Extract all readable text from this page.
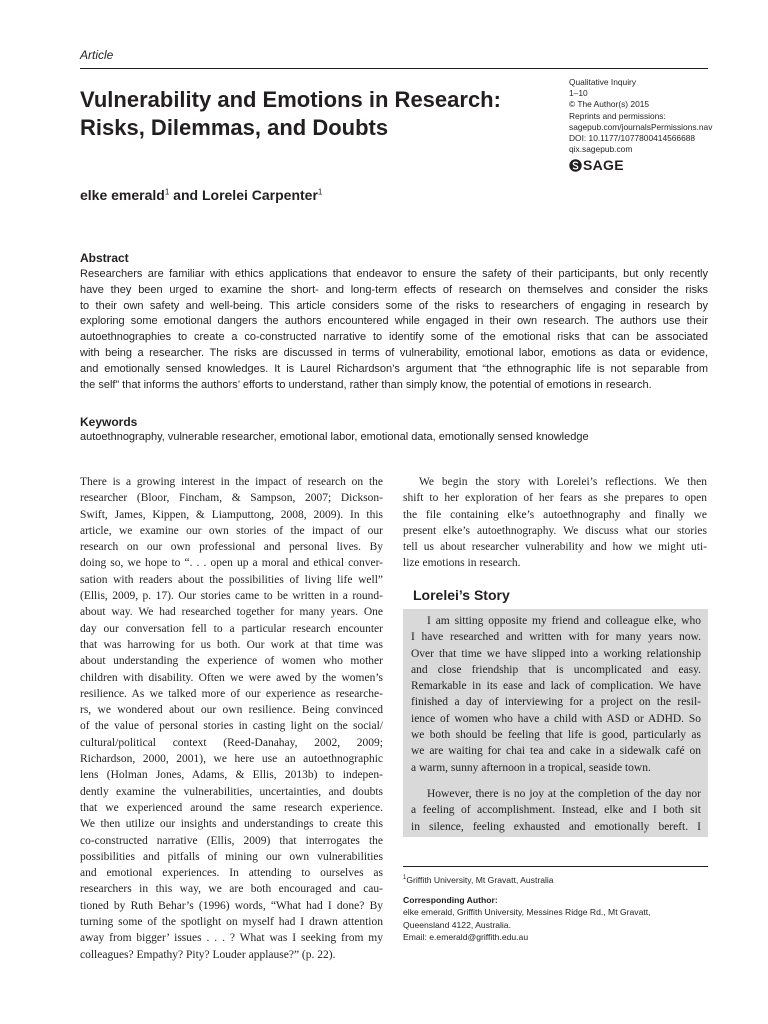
Article
Vulnerability and Emotions in Research:
Risks, Dilemmas, and Doubts
Qualitative Inquiry
1–10
© The Author(s) 2015
Reprints and permissions:
sagepub.com/journalsPermissions.nav
DOI: 10.1177/1077800414566688
qix.sagepub.com
SAGE
elke emerald$^1$ and Lorelei Carpenter$^1$
Abstract
Researchers are familiar with ethics applications that endeavor to ensure the safety of their participants, but only recently
have they been urged to examine the short- and long-term effects of research on themselves and consider the risks
to their own safety and well-being. This article considers some of the risks to researchers of engaging in research by
exploring some emotional dangers the authors encountered while engaged in their own research. The authors use their
autoethnographies to create a co-constructed narrative to identify some of the emotional risks that can be associated
with being a researcher. The risks are discussed in terms of vulnerability, emotional labor, emotions as data or evidence,
and emotionally sensed knowledges. It is Laurel Richardson’s argument that “the ethnographic life is not separable from
the self” that informs the authors’ efforts to understand, rather than simply know, the potential of emotions in research.
Keywords
autoethnography, vulnerable researcher, emotional labor, emotional data, emotionally sensed knowledge
There is a growing interest in the impact of research on the
researcher (Bloor, Fincham, & Sampson, 2007; Dickson-
Swift, James, Kippen, & Liamputtong, 2008, 2009). In this
article, we examine our own stories of the impact of our
research on our own professional and personal lives. By
doing so, we hope to “. . . open up a moral and ethical conver-
sation with readers about the possibilities of living life well”
(Ellis, 2009, p. 17). Our stories came to be written in a round-
about way. We had researched together for many years. One
day our conversation fell to a particular research encounter
that was harrowing for us both. Our work at that time was
about understanding the experience of women who mother
children with disability. Often we were awed by the women’s
resilience. As we talked more of our experience as researche-
rs, we wondered about our own resilience. Being convinced
of the value of personal stories in casting light on the social/
cultural/political context (Reed-Danahay, 2002, 2009;
Richardson, 2000, 2001), we here use an autoethnographic
lens (Holman Jones, Adams, & Ellis, 2013b) to indepen-
dently examine the vulnerabilities, uncertainties, and doubts
that we experienced around the same research experience.
We then utilize our insights and understandings to create this
co-constructed narrative (Ellis, 2009) that interrogates the
possibilities and pitfalls of mining our own vulnerabilities
and emotional experiences. In attending to ourselves as
researchers in this way, we are both encouraged and cau-
tioned by Ruth Behar’s (1996) words, “What had I done? By
turning some of the spotlight on myself had I drawn attention
away from bigger’ issues . . . ? What was I seeking from my
colleagues? Empathy? Pity? Louder applause?” (p. 22).
We begin the story with Lorelei’s reflections. We then
shift to her exploration of her fears as she prepares to open
the file containing elke’s autoethnography and finally we
present elke’s autoethnography. We discuss what our stories
tell us about researcher vulnerability and how we might uti-
lize emotions in research.
Lorelei’s Story
I am sitting opposite my friend and colleague elke, who
I have researched and written with for many years now.
Over that time we have slipped into a working relationship
and close friendship that is uncomplicated and easy.
Remarkable in its ease and lack of complication. We have
finished a day of interviewing for a project on the resil-
ience of women who have a child with ASD or ADHD. So
we both should be feeling that life is good, particularly as
we are waiting for chai tea and cake in a sidewalk café on
a warm, sunny afternoon in a tropical, seaside town.
However, there is no joy at the completion of the day nor
a feeling of accomplishment. Instead, elke and I both sit
in silence, feeling exhausted and emotionally bereft. I
$^1$Griffith University, Mt Gravatt, Australia
Corresponding Author:
elke emerald, Griffith University, Messines Ridge Rd., Mt Gravatt,
Queensland 4122, Australia.
Email: e.emerald@griffith.edu.au
